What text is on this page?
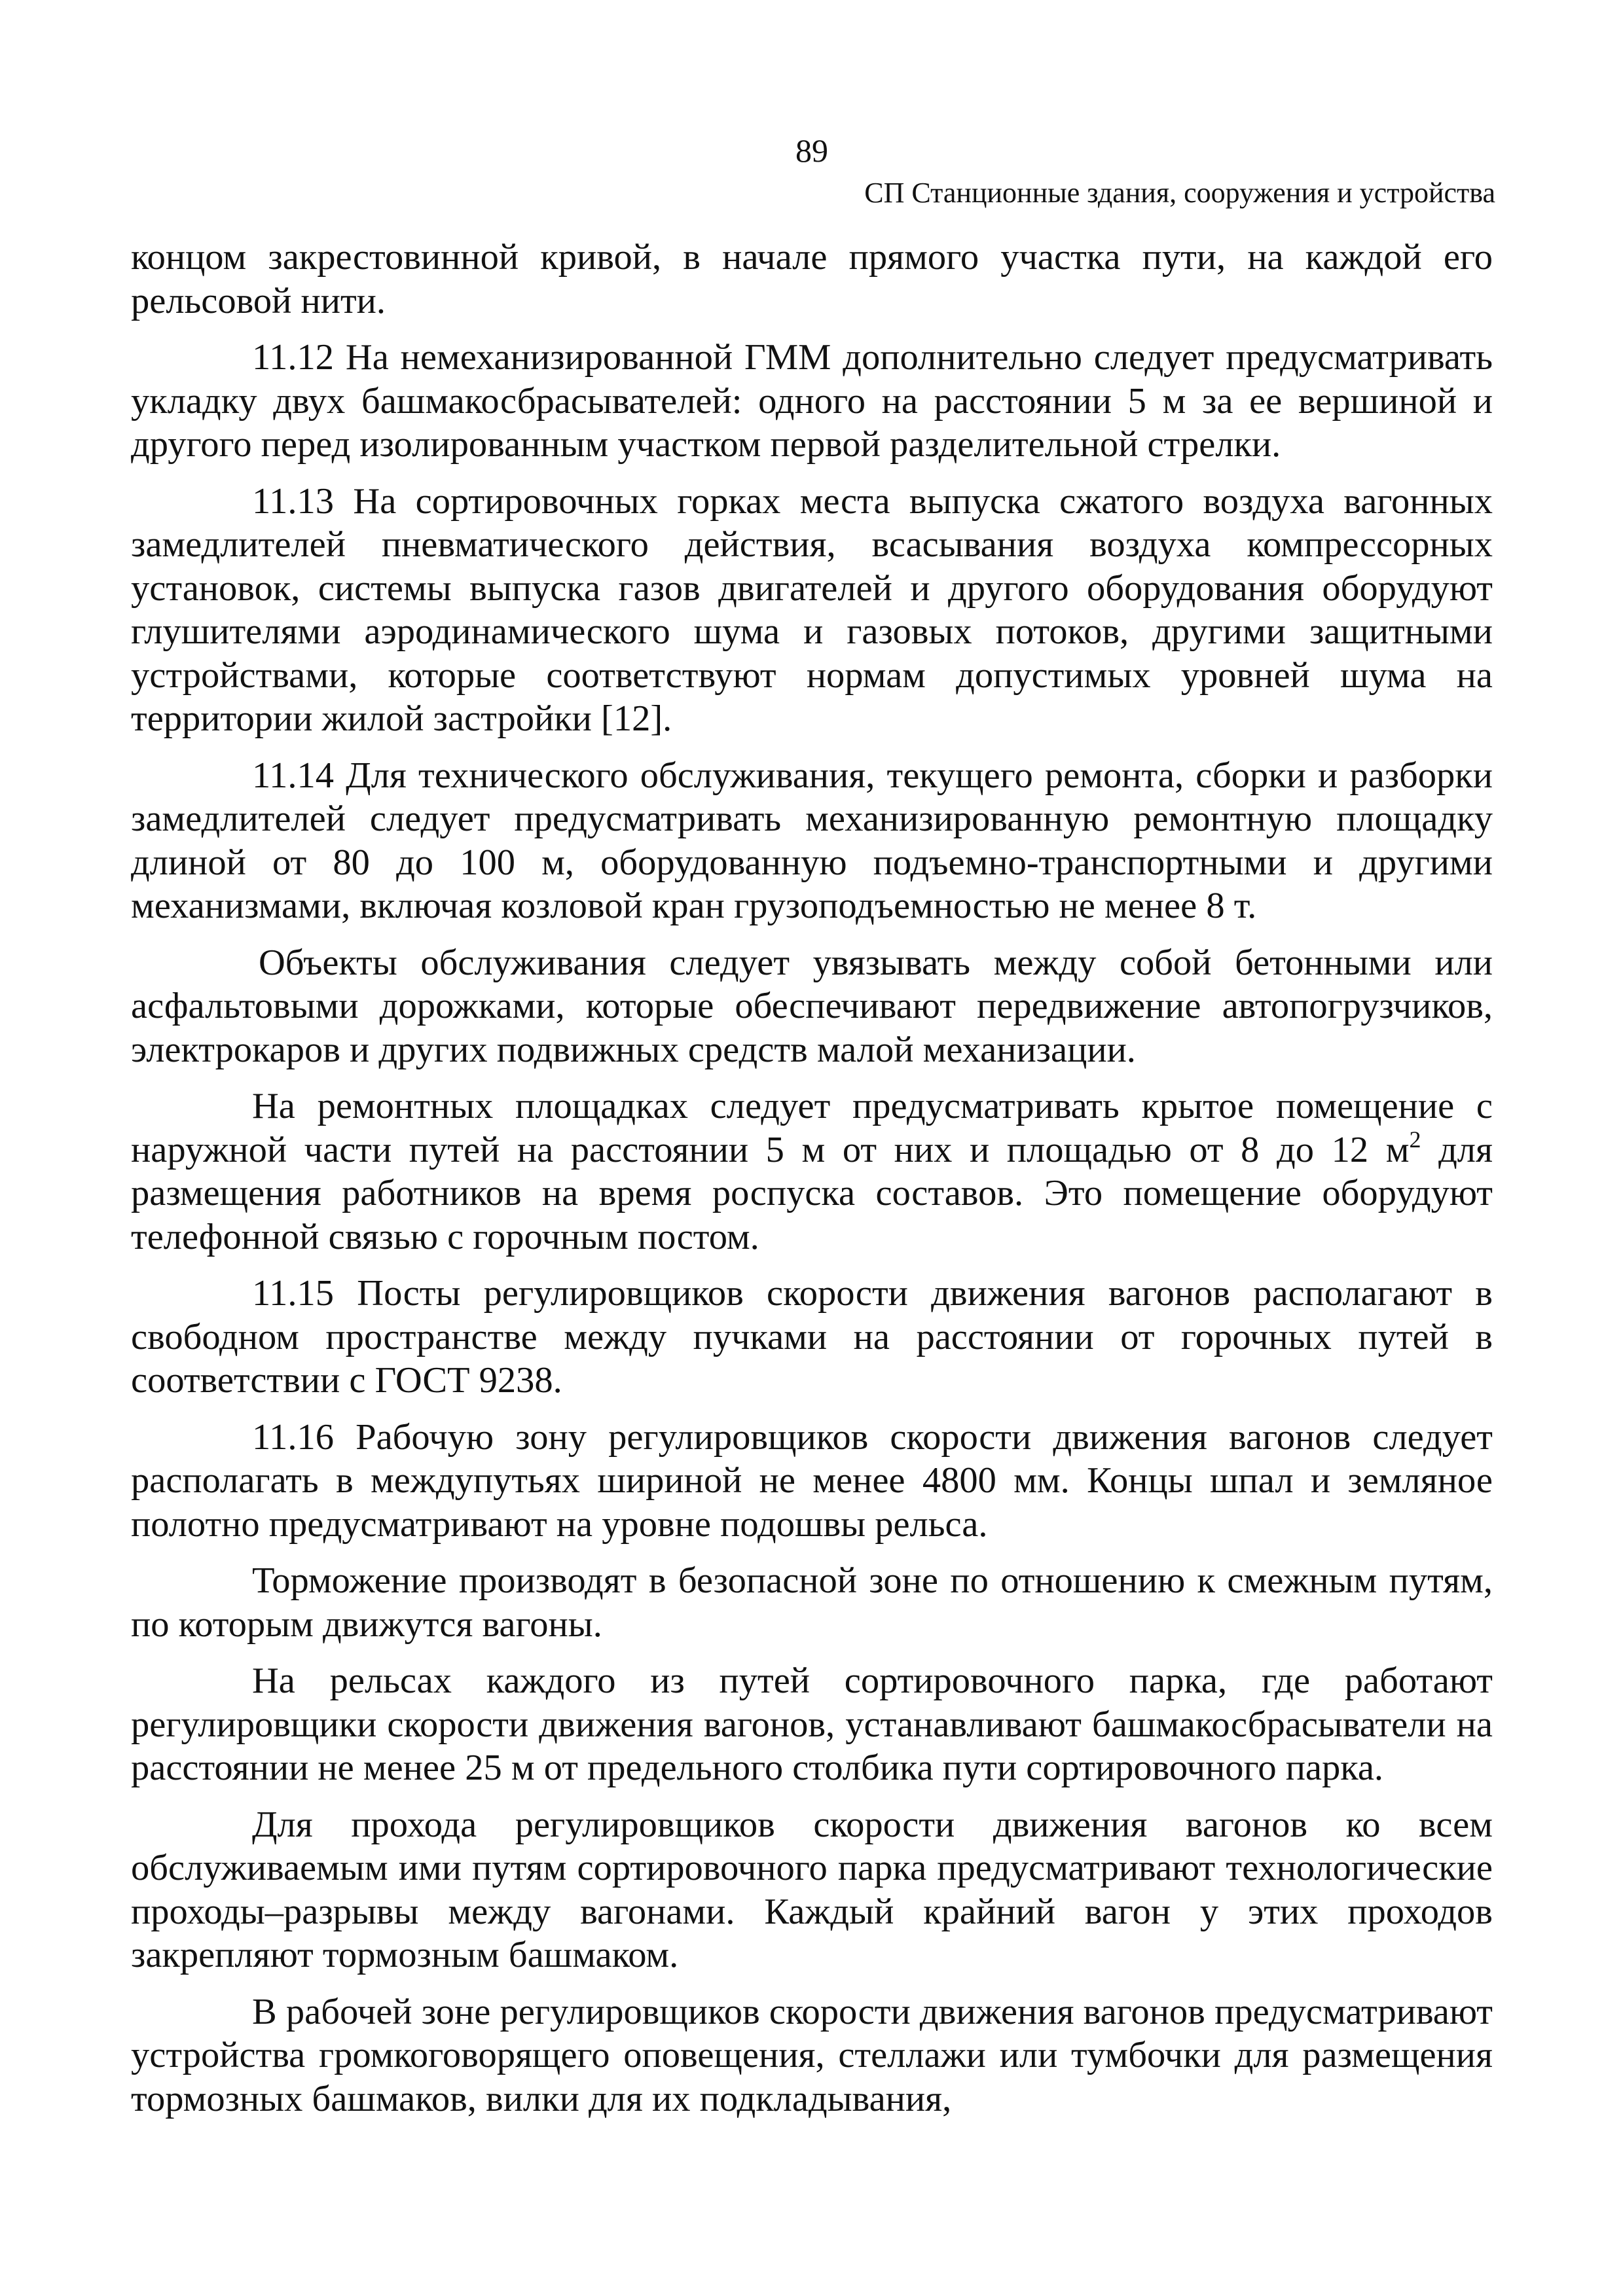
89
СП Станционные здания, сооружения и устройства

концом закрестовинной кривой, в начале прямого участка пути, на каждой его рельсовой нити.

11.12 На немеханизированной ГММ дополнительно следует предусматривать укладку двух башмакосбрасывателей: одного на расстоянии 5 м за ее вершиной и другого перед изолированным участком первой разделительной стрелки.

11.13 На сортировочных горках места выпуска сжатого воздуха вагонных замедлителей пневматического действия, всасывания воздуха компрессорных установок, системы выпуска газов двигателей и другого оборудования оборудуют глушителями аэродинамического шума и газовых потоков, другими защитными устройствами, которые соответствуют нормам допустимых уровней шума на территории жилой застройки [12].

11.14 Для технического обслуживания, текущего ремонта, сборки и разборки замедлителей следует предусматривать механизированную ремонтную площадку длиной от 80 до 100 м, оборудованную подъемно-транспортными и другими механизмами, включая козловой кран грузоподъемностью не менее 8 т.

Объекты обслуживания следует увязывать между собой бетонными или асфальтовыми дорожками, которые обеспечивают передвижение автопогрузчиков, электрокаров и других подвижных средств малой механизации.

На ремонтных площадках следует предусматривать крытое помещение с наружной части путей на расстоянии 5 м от них и площадью от 8 до 12 $м^2$ для размещения работников на время роспуска составов. Это помещение оборудуют телефонной связью с горочным постом.

11.15 Посты регулировщиков скорости движения вагонов располагают в свободном пространстве между пучками на расстоянии от горочных путей в соответствии с ГОСТ 9238.

11.16 Рабочую зону регулировщиков скорости движения вагонов следует располагать в междупутьях шириной не менее 4800 мм. Концы шпал и земляное полотно предусматривают на уровне подошвы рельса.

Торможение производят в безопасной зоне по отношению к смежным путям, по которым движутся вагоны.

На рельсах каждого из путей сортировочного парка, где работают регулировщики скорости движения вагонов, устанавливают башмакосбрасыватели на расстоянии не менее 25 м от предельного столбика пути сортировочного парка.

Для прохода регулировщиков скорости движения вагонов ко всем обслуживаемым ими путям сортировочного парка предусматривают технологические проходы–разрывы между вагонами. Каждый крайний вагон у этих проходов закрепляют тормозным башмаком.

В рабочей зоне регулировщиков скорости движения вагонов предусматривают устройства громкоговорящего оповещения, стеллажи или тумбочки для размещения тормозных башмаков, вилки для их подкладывания,
